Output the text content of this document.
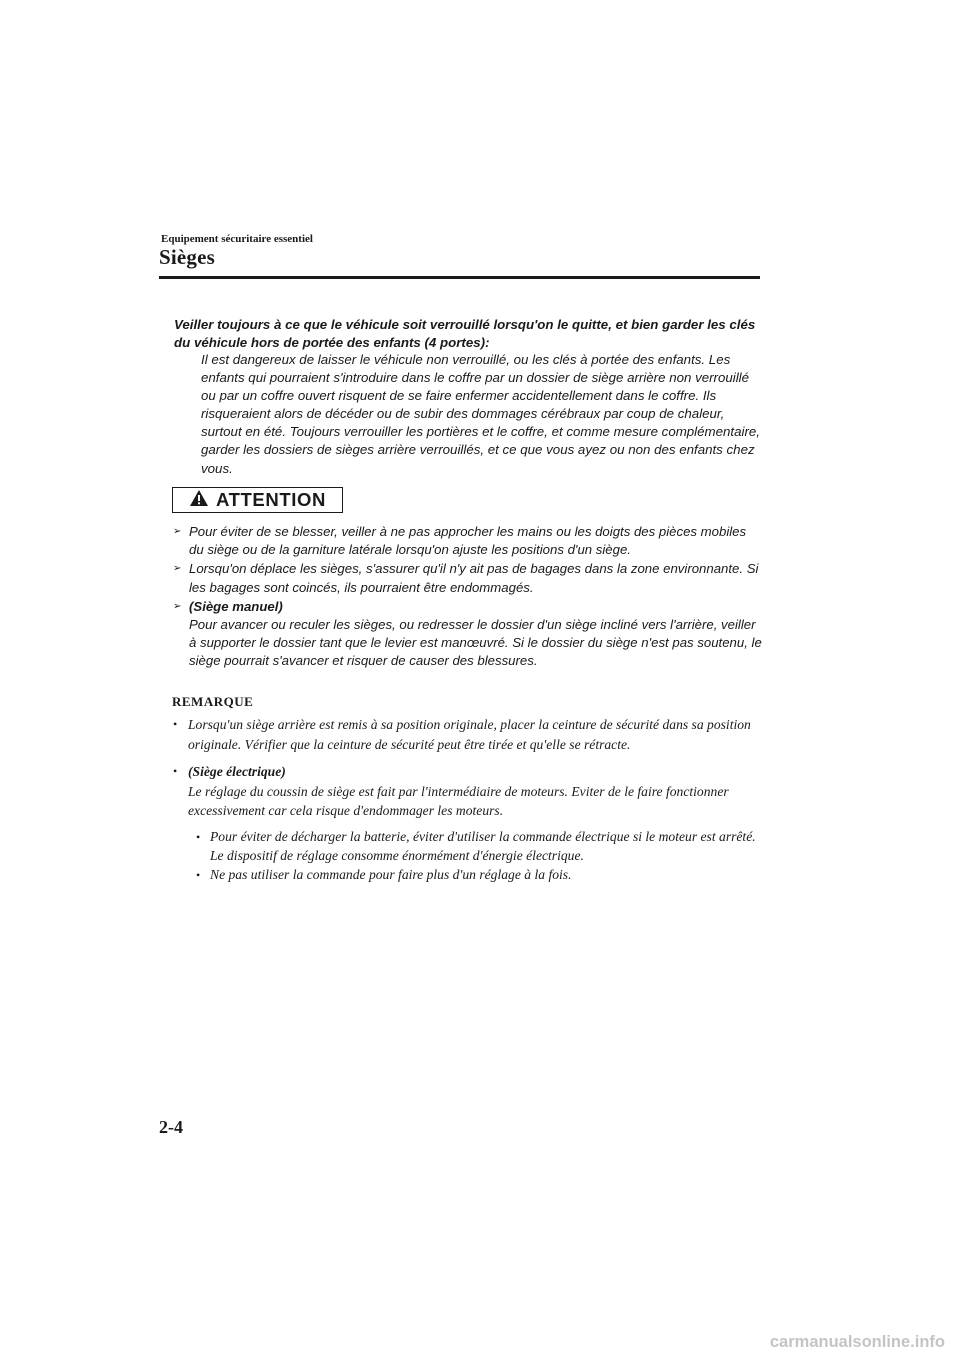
Equipement sécuritaire essentiel
Sièges
Veiller toujours à ce que le véhicule soit verrouillé lorsqu'on le quitte, et bien garder les clés du véhicule hors de portée des enfants (4 portes):
Il est dangereux de laisser le véhicule non verrouillé, ou les clés à portée des enfants. Les enfants qui pourraient s'introduire dans le coffre par un dossier de siège arrière non verrouillé ou par un coffre ouvert risquent de se faire enfermer accidentellement dans le coffre. Ils risqueraient alors de décéder ou de subir des dommages cérébraux par coup de chaleur, surtout en été. Toujours verrouiller les portières et le coffre, et comme mesure complémentaire, garder les dossiers de sièges arrière verrouillés, et ce que vous ayez ou non des enfants chez vous.
ATTENTION
➢ Pour éviter de se blesser, veiller à ne pas approcher les mains ou les doigts des pièces mobiles du siège ou de la garniture latérale lorsqu'on ajuste les positions d'un siège.
➢ Lorsqu'on déplace les sièges, s'assurer qu'il n'y ait pas de bagages dans la zone environnante. Si les bagages sont coincés, ils pourraient être endommagés.
➢ (Siège manuel)
Pour avancer ou reculer les sièges, ou redresser le dossier d'un siège incliné vers l'arrière, veiller à supporter le dossier tant que le levier est manœuvré. Si le dossier du siège n'est pas soutenu, le siège pourrait s'avancer et risquer de causer des blessures.
REMARQUE
• Lorsqu'un siège arrière est remis à sa position originale, placer la ceinture de sécurité dans sa position originale. Vérifier que la ceinture de sécurité peut être tirée et qu'elle se rétracte.
• (Siège électrique)
Le réglage du coussin de siège est fait par l'intermédiaire de moteurs. Eviter de le faire fonctionner excessivement car cela risque d'endommager les moteurs.
• Pour éviter de décharger la batterie, éviter d'utiliser la commande électrique si le moteur est arrêté. Le dispositif de réglage consomme énormément d'énergie électrique.
• Ne pas utiliser la commande pour faire plus d'un réglage à la fois.
2-4
carmanualsonline.info
